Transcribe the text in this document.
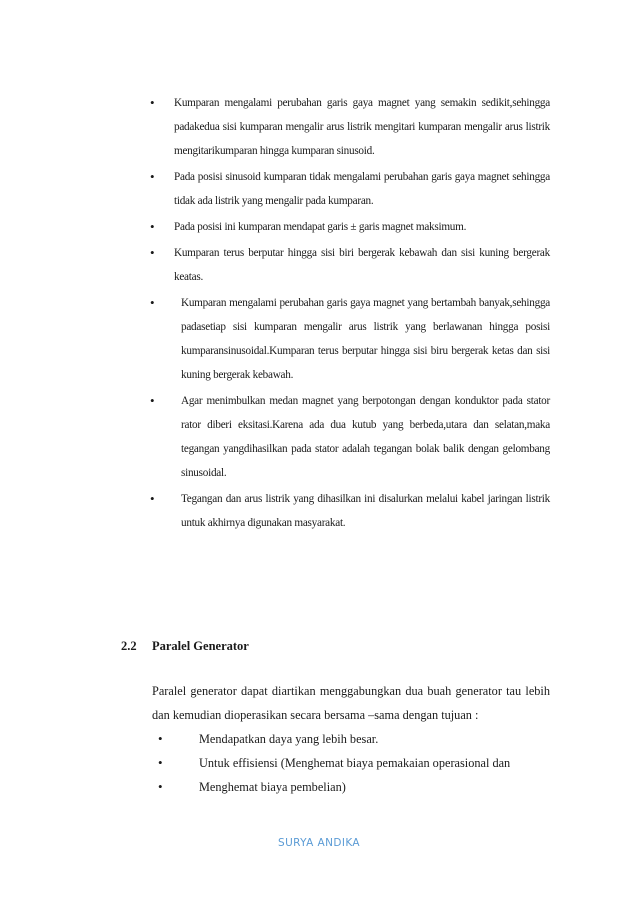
•	Kumparan mengalami perubahan garis gaya magnet yang semakin sedikit,sehingga padakedua sisi kumparan mengalir arus listrik mengitari kumparan mengalir arus listrik mengitarikumparan hingga kumparan sinusoid.
•	Pada posisi sinusoid kumparan tidak mengalami perubahan garis gaya magnet sehingga tidak ada listrik yang mengalir pada kumparan.
•	Pada posisi ini kumparan mendapat garis ± garis magnet maksimum.
•	Kumparan terus berputar hingga sisi biri bergerak kebawah dan sisi kuning bergerak keatas.
•	Kumparan mengalami perubahan garis gaya magnet yang bertambah banyak,sehingga padasetiap sisi kumparan mengalir arus listrik yang berlawanan hingga posisi kumparansinusoidal.Kumparan terus berputar hingga sisi biru bergerak ketas dan sisi kuning bergerak kebawah.
•	Agar menimbulkan medan magnet yang berpotongan dengan konduktor pada stator rator diberi eksitasi.Karena ada dua kutub yang berbeda,utara dan selatan,maka tegangan yangdihasilkan pada stator adalah tegangan bolak balik dengan gelombang sinusoidal.
•	Tegangan dan arus listrik yang dihasilkan ini disalurkan melalui kabel jaringan listrik untuk akhirnya digunakan masyarakat.
2.2 Paralel Generator

Paralel generator dapat diartikan menggabungkan dua buah generator tau lebih dan kemudian dioperasikan secara bersama –sama dengan tujuan :

•	Mendapatkan daya yang lebih besar.
•	Untuk effisiensi (Menghemat biaya pemakaian operasional dan
•	Menghemat biaya pembelian)
SURYA ANDIKA
